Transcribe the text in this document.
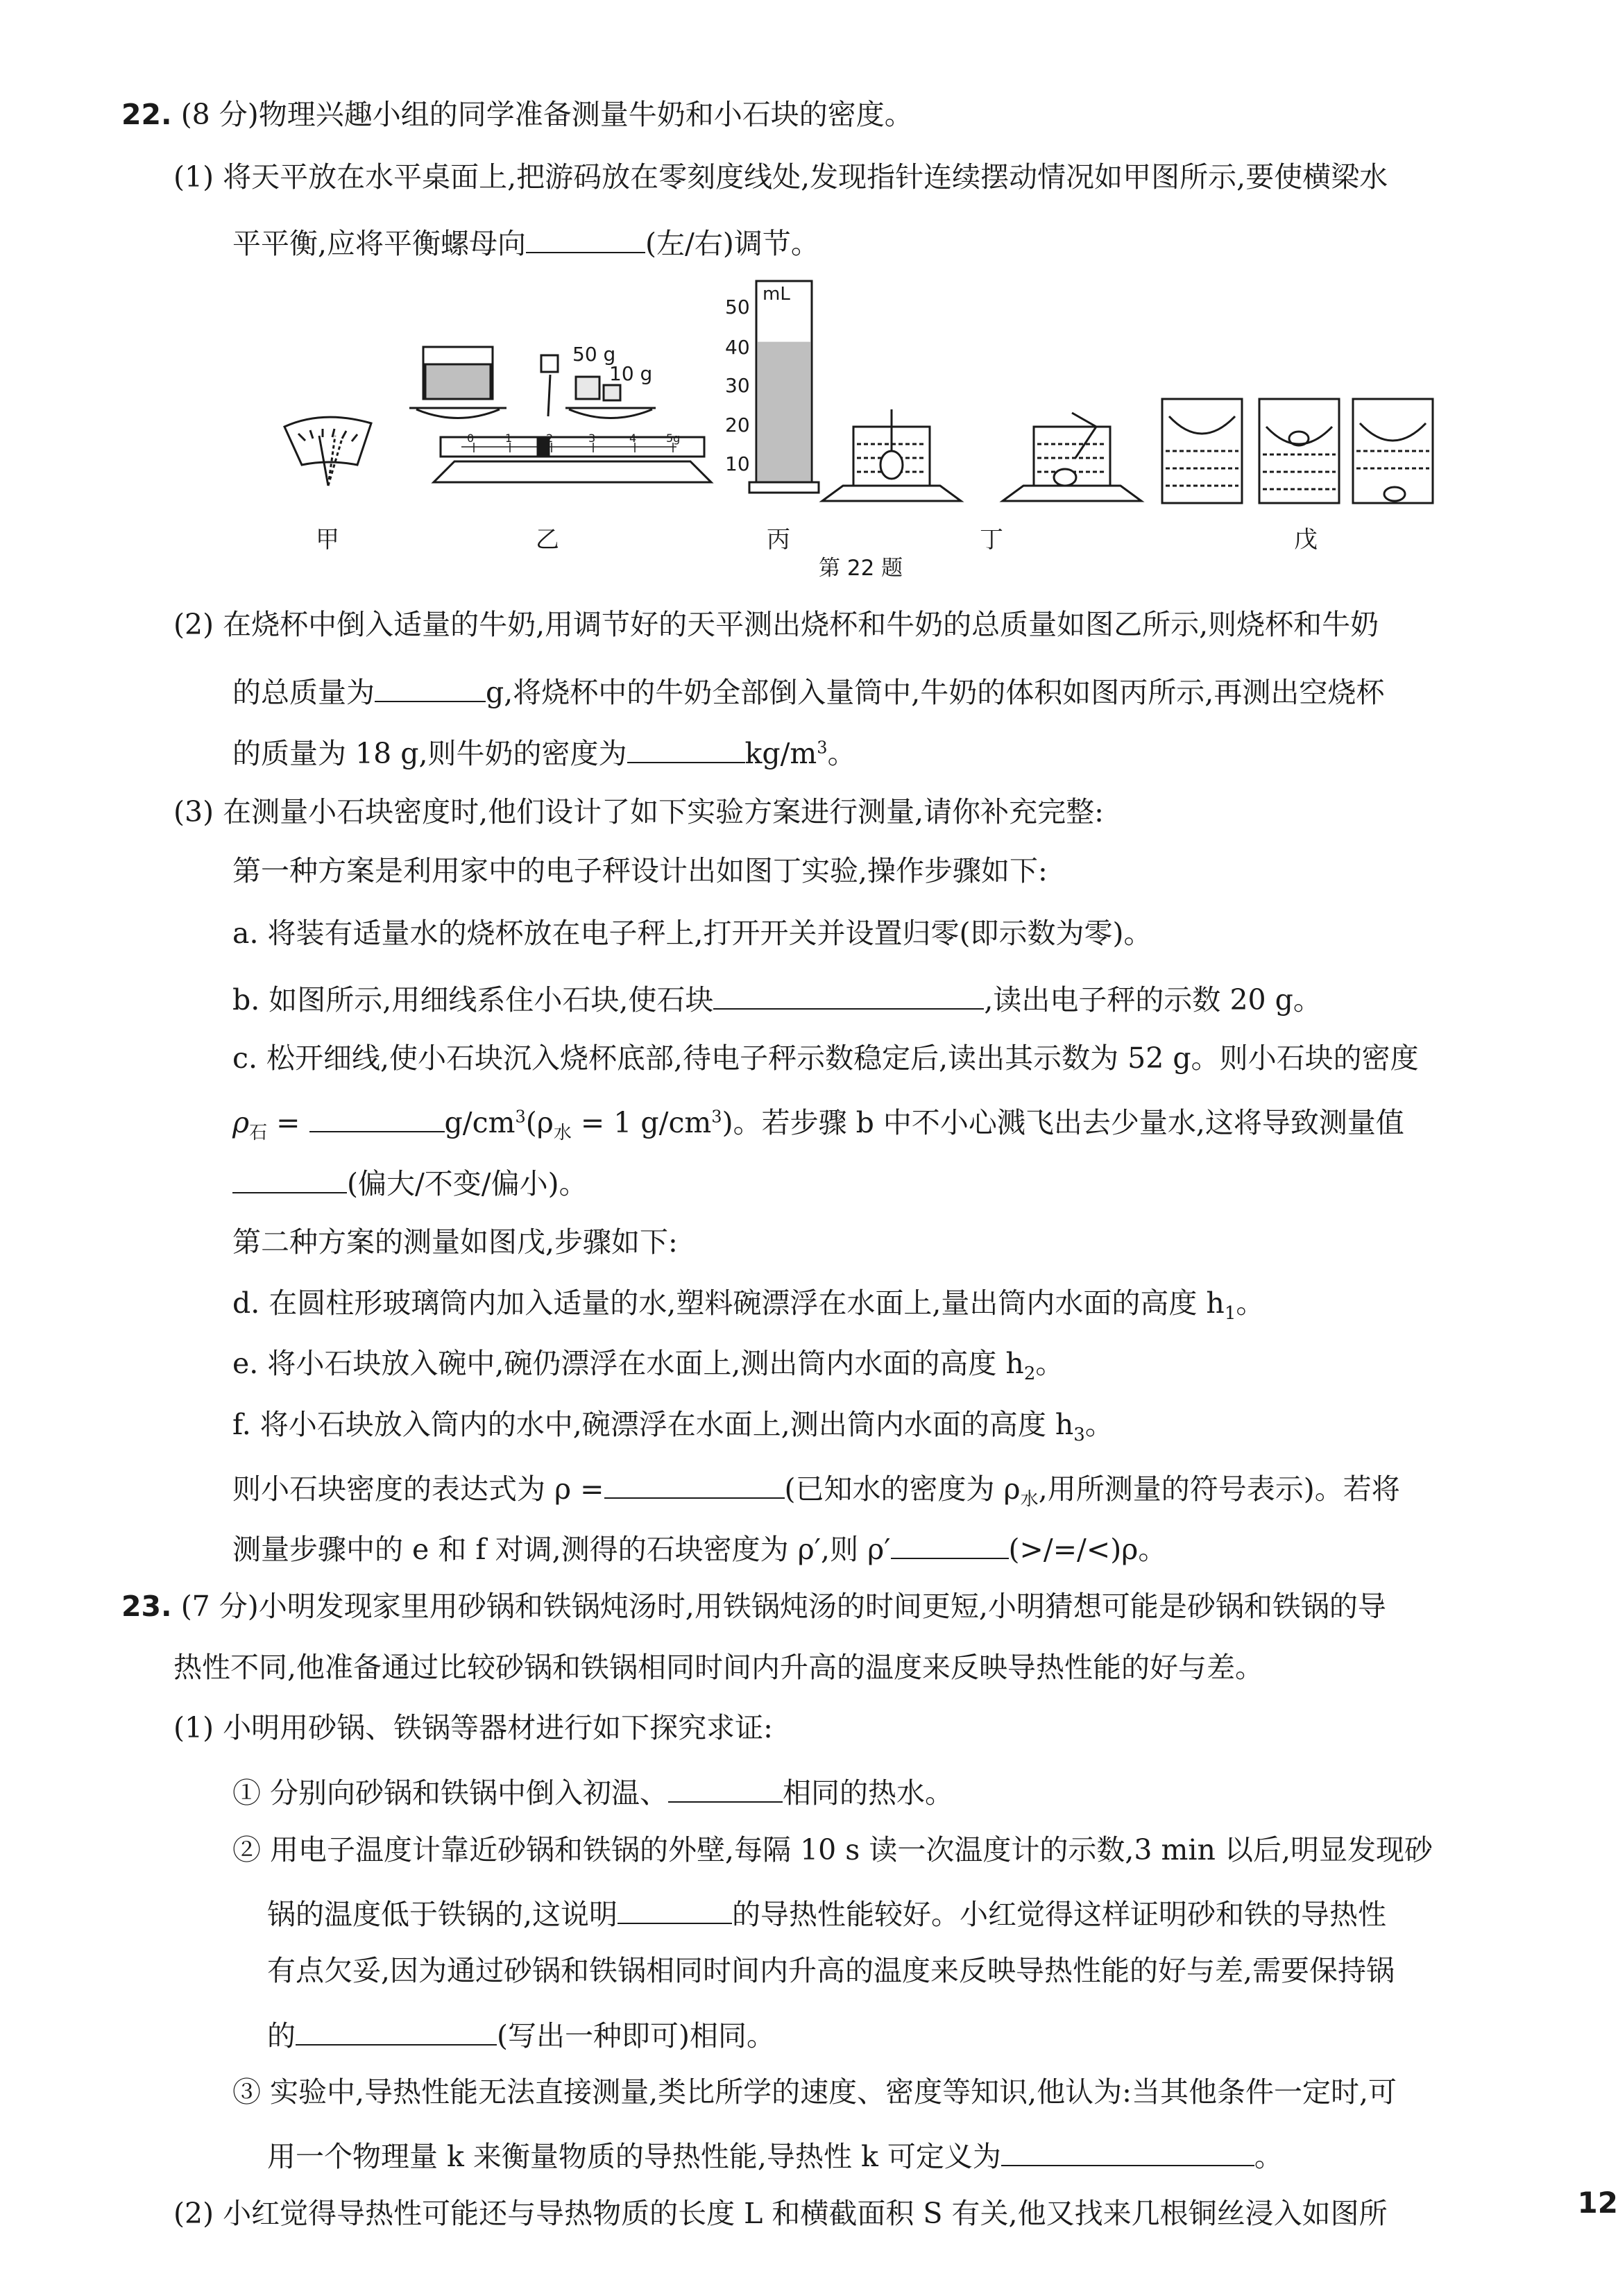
22. (8 分)物理兴趣小组的同学准备测量牛奶和小石块的密度。
(1) 将天平放在水平桌面上,把游码放在零刻度线处,发现指针连续摆动情况如甲图所示,要使横梁水
平平衡,应将平衡螺母向	(左/右)调节。
50 g
10 g
0	1	2	3	4	5g
mL
50
40
30
20
10
甲	乙	丙	丁	戊
第 22 题
(2) 在烧杯中倒入适量的牛奶,用调节好的天平测出烧杯和牛奶的总质量如图乙所示,则烧杯和牛奶
的总质量为	g,将烧杯中的牛奶全部倒入量筒中,牛奶的体积如图丙所示,再测出空烧杯
的质量为 18 g,则牛奶的密度为	$kg/m^3$。
(3) 在测量小石块密度时,他们设计了如下实验方案进行测量,请你补充完整:
第一种方案是利用家中的电子秤设计出如图丁实验,操作步骤如下:
a. 将装有适量水的烧杯放在电子秤上,打开开关并设置归零(即示数为零)。
b. 如图所示,用细线系住小石块,使石块	,读出电子秤的示数 20 g。
c. 松开细线,使小石块沉入烧杯底部,待电子秤示数稳定后,读出其示数为 52 g。则小石块的密度
$\rho_石$ =	$g/cm^3(\rho_水 = 1$ $g/cm^3$)。若步骤 b 中不小心溅飞出去少量水,这将导致测量值
(偏大/不变/偏小)。
第二种方案的测量如图戊,步骤如下:
d. 在圆柱形玻璃筒内加入适量的水,塑料碗漂浮在水面上,量出筒内水面的高度 $h_1$。
e. 将小石块放入碗中,碗仍漂浮在水面上,测出筒内水面的高度 $h_2$。
f. 将小石块放入筒内的水中,碗漂浮在水面上,测出筒内水面的高度 $h_3$。
则小石块密度的表达式为 ρ =	(已知水的密度为 $\rho_水$,用所测量的符号表示)。若将
测量步骤中的 e 和 f 对调,测得的石块密度为 ρ′,则 ρ′	(>/=/<)ρ。
23. (7 分)小明发现家里用砂锅和铁锅炖汤时,用铁锅炖汤的时间更短,小明猜想可能是砂锅和铁锅的导
热性不同,他准备通过比较砂锅和铁锅相同时间内升高的温度来反映导热性能的好与差。
(1) 小明用砂锅、铁锅等器材进行如下探究求证:
① 分别向砂锅和铁锅中倒入初温、	相同的热水。
② 用电子温度计靠近砂锅和铁锅的外壁,每隔 10 s 读一次温度计的示数,3 min 以后,明显发现砂
锅的温度低于铁锅的,这说明	的导热性能较好。小红觉得这样证明砂和铁的导热性
有点欠妥,因为通过砂锅和铁锅相同时间内升高的温度来反映导热性能的好与差,需要保持锅
的	(写出一种即可)相同。
③ 实验中,导热性能无法直接测量,类比所学的速度、密度等知识,他认为:当其他条件一定时,可
用一个物理量 k 来衡量物质的导热性能,导热性 k 可定义为	。
(2) 小红觉得导热性可能还与导热物质的长度 L 和横截面积 S 有关,他又找来几根铜丝浸入如图所	12
